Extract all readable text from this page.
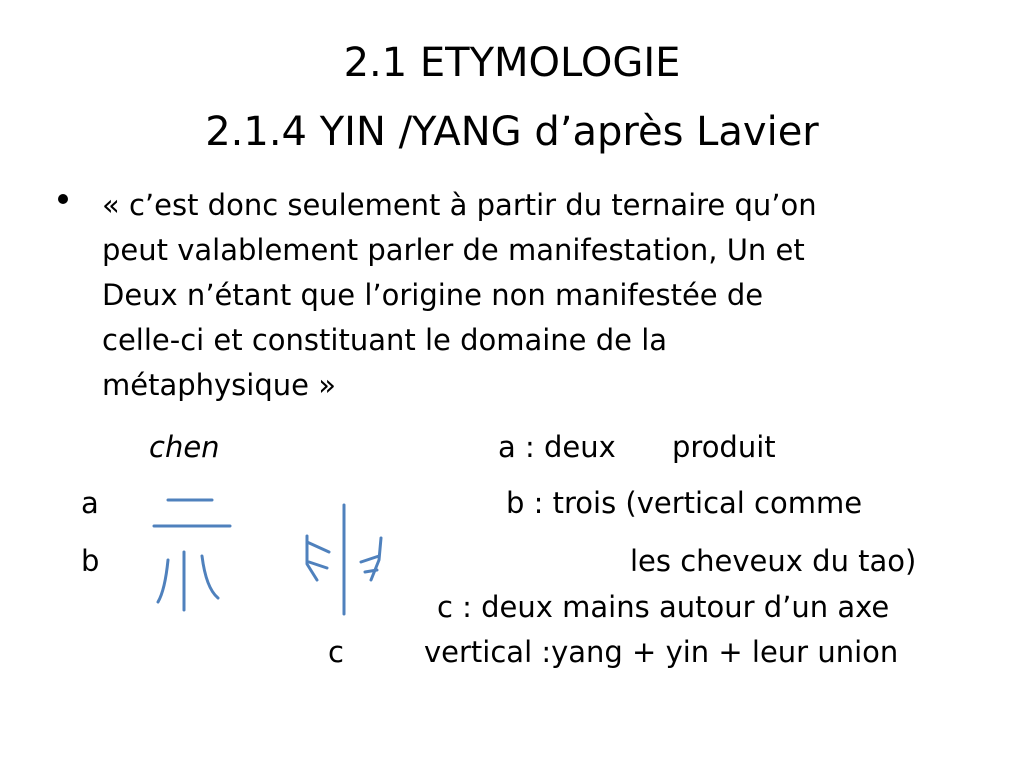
2.1 ETYMOLOGIE
2.1.4 YIN /YANG d’après Lavier
« c’est donc seulement à partir du ternaire qu’on
peut valablement parler de manifestation, Un et
Deux n’étant que l’origine non manifestée de
celle-ci et constituant le domaine de la
métaphysique »
chen	a : deux produit
a	b : trois (vertical comme
b	les cheveux du tao)
c : deux mains autour d’un axe
c	vertical :yang + yin + leur union
